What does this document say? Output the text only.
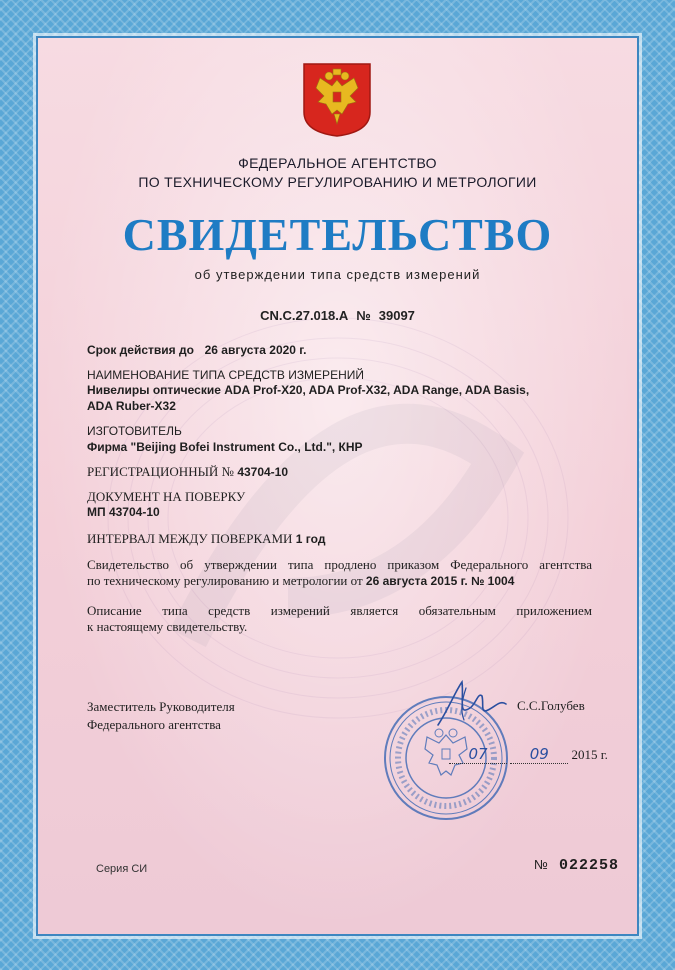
ФЕДЕРАЛЬНОЕ АГЕНТСТВО
ПО ТЕХНИЧЕСКОМУ РЕГУЛИРОВАНИЮ И МЕТРОЛОГИИ
СВИДЕТЕЛЬСТВО
об утверждении типа средств измерений
CN.C.27.018.A № 39097
Срок действия до 26 августа 2020 г.
НАИМЕНОВАНИЕ ТИПА СРЕДСТВ ИЗМЕРЕНИЙ
Нивелиры оптические ADA Prof-X20, ADA Prof-X32, ADA Range, ADA Basis,
ADA Ruber-X32
ИЗГОТОВИТЕЛЬ
Фирма "Beijing Bofei Instrument Co., Ltd.", КНР
РЕГИСТРАЦИОННЫЙ № 43704-10
ДОКУМЕНТ НА ПОВЕРКУ
МП 43704-10
ИНТЕРВАЛ МЕЖДУ ПОВЕРКАМИ 1 год
Свидетельство об утверждении типа продлено приказом Федерального агентства
по техническому регулированию и метрологии от 26 августа 2015 г. № 1004
Описание типа средств измерений является обязательным приложением
к настоящему свидетельству.
Заместитель Руководителя
Федерального агентства
С.С.Голубев
07	09 2015 г.
Серия СИ	№ 022258
